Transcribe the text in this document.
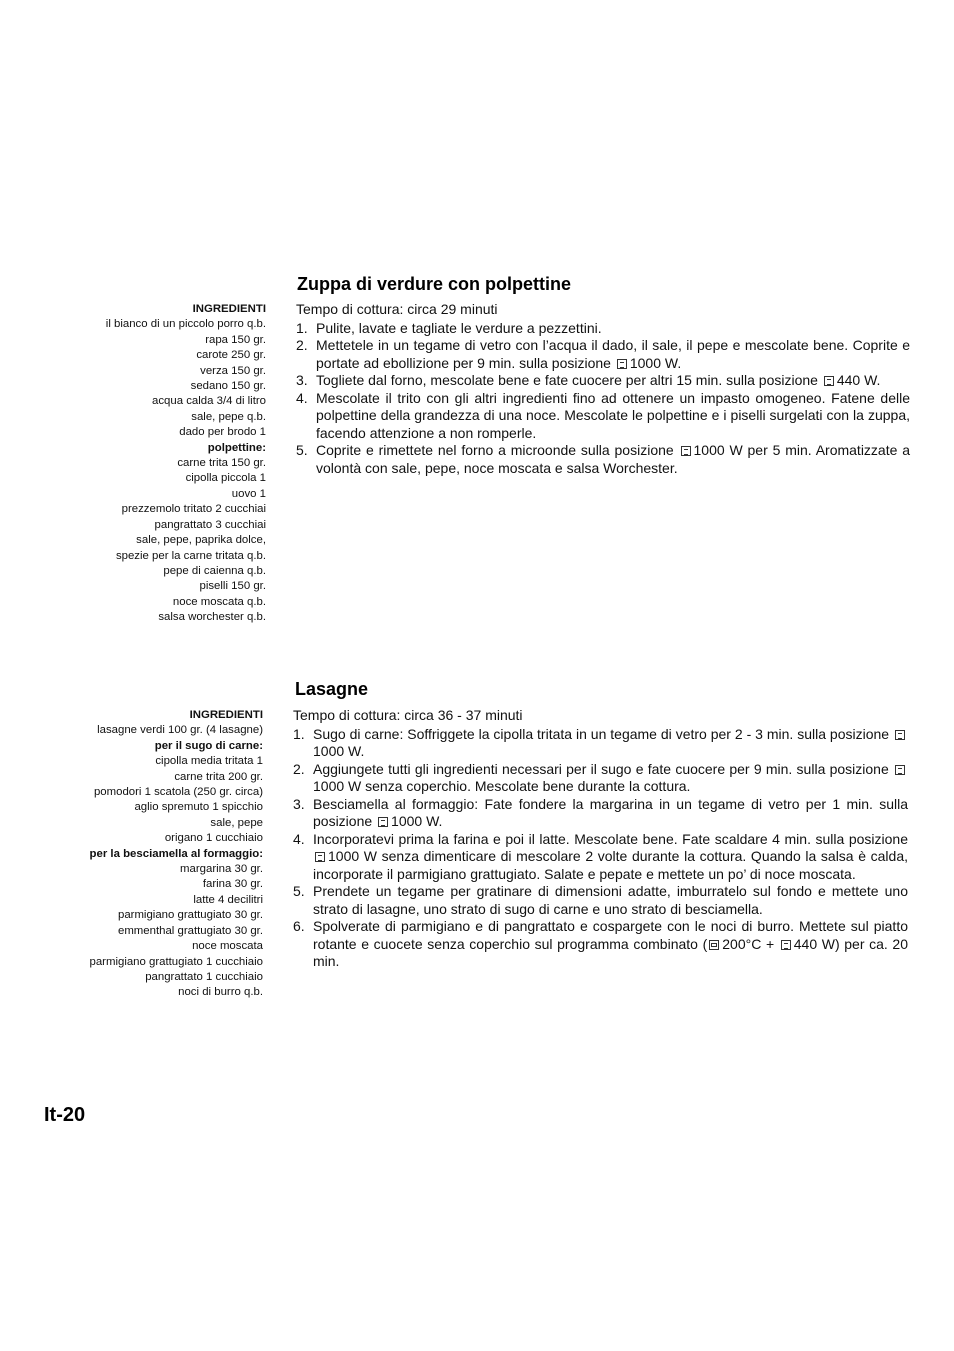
Zuppa di verdure con polpettine
INGREDIENTI
il bianco di un piccolo porro q.b.
rapa 150 gr.
carote 250 gr.
verza 150 gr.
sedano 150 gr.
acqua calda 3/4 di litro
sale, pepe q.b.
dado per brodo 1
polpettine:
carne trita 150 gr.
cipolla piccola 1
uovo 1
prezzemolo tritato 2 cucchiai
pangrattato 3 cucchiai
sale, pepe, paprika dolce,
spezie per la carne tritata q.b.
pepe di caienna q.b.
piselli 150 gr.
noce moscata q.b.
salsa worchester q.b.
Tempo di cottura: circa 29 minuti
1. Pulite, lavate e tagliate le verdure a pezzettini.
2. Mettetele in un tegame di vetro con l’acqua il dado, il sale, il pepe e mescolate bene. Coprite e portate ad ebollizione per 9 min. sulla posizione 1000 W.
3. Togliete dal forno, mescolate bene e fate cuocere per altri 15 min. sulla posizione 440 W.
4. Mescolate il trito con gli altri ingredienti fino ad ottenere un impasto omogeneo. Fatene delle polpettine della grandezza di una noce. Mescolate le polpettine e i piselli surgelati con la zuppa, facendo attenzione a non romperle.
5. Coprite e rimettete nel forno a microonde sulla posizione 1000 W per 5 min. Aromatizzate a volontà con sale, pepe, noce moscata e salsa Worchester.
Lasagne
INGREDIENTI
lasagne verdi 100 gr. (4 lasagne)
per il sugo di carne:
cipolla media tritata 1
carne trita 200 gr.
pomodori 1 scatola (250 gr. circa)
aglio spremuto 1 spicchio
sale, pepe
origano 1 cucchiaio
per la besciamella al formaggio:
margarina 30 gr.
farina 30 gr.
latte 4 decilitri
parmigiano grattugiato 30 gr.
emmenthal grattugiato 30 gr.
noce moscata
parmigiano grattugiato 1 cucchiaio
pangrattato 1 cucchiaio
noci di burro q.b.
Tempo di cottura: circa 36 - 37 minuti
1. Sugo di carne: Soffriggete la cipolla tritata in un tegame di vetro per 2 - 3 min. sulla posizione 1000 W.
2. Aggiungete tutti gli ingredienti necessari per il sugo e fate cuocere per 9 min. sulla posizione 1000 W senza coperchio. Mescolate bene durante la cottura.
3. Besciamella al formaggio: Fate fondere la margarina in un tegame di vetro per 1 min. sulla posizione 1000 W.
4. Incorporatevi prima la farina e poi il latte. Mescolate bene. Fate scaldare 4 min. sulla posizione 1000 W senza dimenticare di mescolare 2 volte durante la cottura. Quando la salsa è calda, incorporate il parmigiano grattugiato. Salate e pepate e mettete un po’ di noce moscata.
5. Prendete un tegame per gratinare di dimensioni adatte, imburratelo sul fondo e mettete uno strato di lasagne, uno strato di sugo di carne e uno strato di besciamella.
6. Spolverate di parmigiano e di pangrattato e cospargete con le noci di burro. Mettete sul piatto rotante e cuocete senza coperchio sul programma combinato ( 200°C + 440 W) per ca. 20 min.
It-20
